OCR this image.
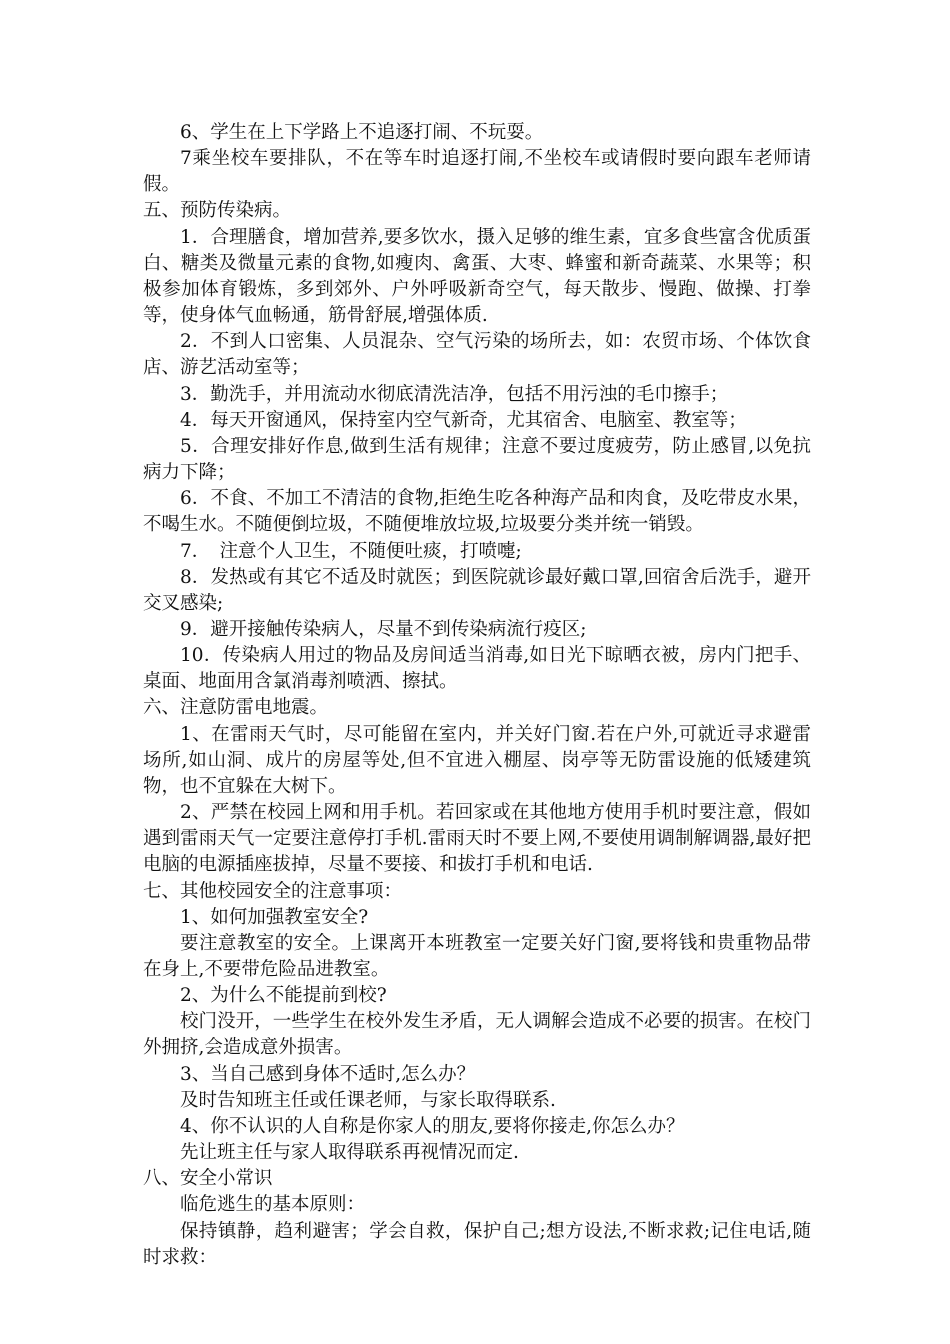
6、学生在上下学路上不追逐打闹、不玩耍。

7乘坐校车要排队，不在等车时追逐打闹,不坐校车或请假时要向跟车老师请假。

五、预防传染病。

1．合理膳食，增加营养,要多饮水，摄入足够的维生素，宜多食些富含优质蛋白、糖类及微量元素的食物,如瘦肉、禽蛋、大枣、蜂蜜和新奇蔬菜、水果等；积极参加体育锻炼，多到郊外、户外呼吸新奇空气，每天散步、慢跑、做操、打拳等，使身体气血畅通，筋骨舒展,增强体质.

2．不到人口密集、人员混杂、空气污染的场所去，如：农贸市场、个体饮食店、游艺活动室等；

3．勤洗手，并用流动水彻底清洗洁净，包括不用污浊的毛巾擦手；

4．每天开窗通风，保持室内空气新奇，尤其宿舍、电脑室、教室等；

5．合理安排好作息,做到生活有规律；注意不要过度疲劳，防止感冒,以免抗病力下降；

6．不食、不加工不清洁的食物,拒绝生吃各种海产品和肉食，及吃带皮水果，不喝生水。不随便倒垃圾，不随便堆放垃圾,垃圾要分类并统一销毁。

7．　注意个人卫生，不随便吐痰，打喷嚏;

8．发热或有其它不适及时就医；到医院就诊最好戴口罩,回宿舍后洗手，避开交叉感染;

9．避开接触传染病人，尽量不到传染病流行疫区;

10．传染病人用过的物品及房间适当消毒,如日光下晾晒衣被，房内门把手、桌面、地面用含氯消毒剂喷洒、擦拭。

六、注意防雷电地震。

1、在雷雨天气时，尽可能留在室内，并关好门窗.若在户外,可就近寻求避雷场所,如山洞、成片的房屋等处,但不宜进入棚屋、岗亭等无防雷设施的低矮建筑物，也不宜躲在大树下。

2、严禁在校园上网和用手机。若回家或在其他地方使用手机时要注意，假如遇到雷雨天气一定要注意停打手机.雷雨天时不要上网,不要使用调制解调器,最好把电脑的电源插座拔掉，尽量不要接、和拔打手机和电话.

七、其他校园安全的注意事项：

1、如何加强教室安全?

要注意教室的安全。上课离开本班教室一定要关好门窗,要将钱和贵重物品带在身上,不要带危险品进教室。

2、为什么不能提前到校?

校门没开，一些学生在校外发生矛盾，无人调解会造成不必要的损害。在校门外拥挤,会造成意外损害。

3、当自己感到身体不适时,怎么办？

及时告知班主任或任课老师，与家长取得联系.

4、你不认识的人自称是你家人的朋友,要将你接走,你怎么办？

先让班主任与家人取得联系再视情况而定.

八、安全小常识

临危逃生的基本原则：

保持镇静，趋利避害；学会自救，保护自己;想方设法,不断求救;记住电话,随时求救：
